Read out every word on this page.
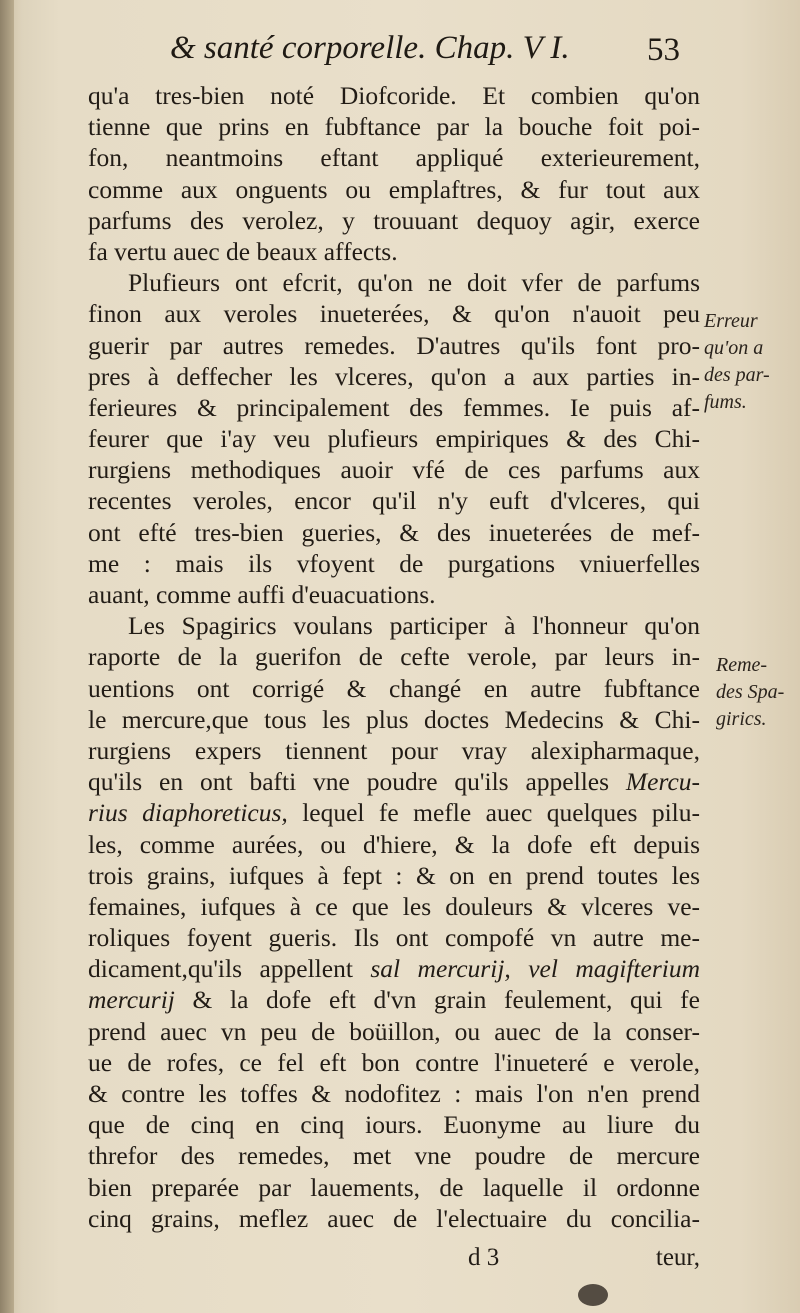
& santé corporelle. Chap. V I. 53
qu'a tres-bien noté Diofcoride. Et combien qu'on
tienne que prins en fubftance par la bouche foit poi-
fon, neantmoins eftant appliqué exterieurement,
comme aux onguents ou emplaftres, & fur tout aux
parfums des verolez, y trouuant dequoy agir, exerce
fa vertu auec de beaux affects.
Plufieurs ont efcrit, qu'on ne doit vfer de parfums
finon aux veroles inueterées, & qu'on n'auoit peu
guerir par autres remedes. D'autres qu'ils font pro-
pres à deffecher les vlceres, qu'on a aux parties in-
ferieures & principalement des femmes. Ie puis af-
feurer que i'ay veu plufieurs empiriques & des Chi-
rurgiens methodiques auoir vfé de ces parfums aux
recentes veroles, encor qu'il n'y euft d'vlceres, qui
ont efté tres-bien gueries, & des inueterées de mef-
me : mais ils vfoyent de purgations vniuerfelles
auant, comme auffi d'euacuations.
Les Spagirics voulans participer à l'honneur qu'on
raporte de la guerifon de cefte verole, par leurs in-
uentions ont corrigé & changé en autre fubftance
le mercure,que tous les plus doctes Medecins & Chi-
rurgiens expers tiennent pour vray alexipharmaque,
qu'ils en ont bafti vne poudre qu'ils appelles Mercu-
rius diaphoreticus, lequel fe mefle auec quelques pilu-
les, comme aurées, ou d'hiere, & la dofe eft depuis
trois grains, iufques à fept : & on en prend toutes les
femaines, iufques à ce que les douleurs & vlceres ve-
roliques foyent gueris. Ils ont compofé vn autre me-
dicament,qu'ils appellent sal mercurij, vel magifterium
mercurij & la dofe eft d'vn grain feulement, qui fe
prend auec vn peu de boüillon, ou auec de la conser-
ue de rofes, ce fel eft bon contre l'inueteré e verole,
& contre les toffes & nodofitez : mais l'on n'en prend
que de cinq en cinq iours. Euonyme au liure du
threfor des remedes, met vne poudre de mercure
bien preparée par lauements, de laquelle il ordonne
cinq grains, meflez auec de l'electuaire du concilia-
Erreur
qu'on a
des par-
fums.
Reme-
des Spa-
girics.
d 3	teur,
